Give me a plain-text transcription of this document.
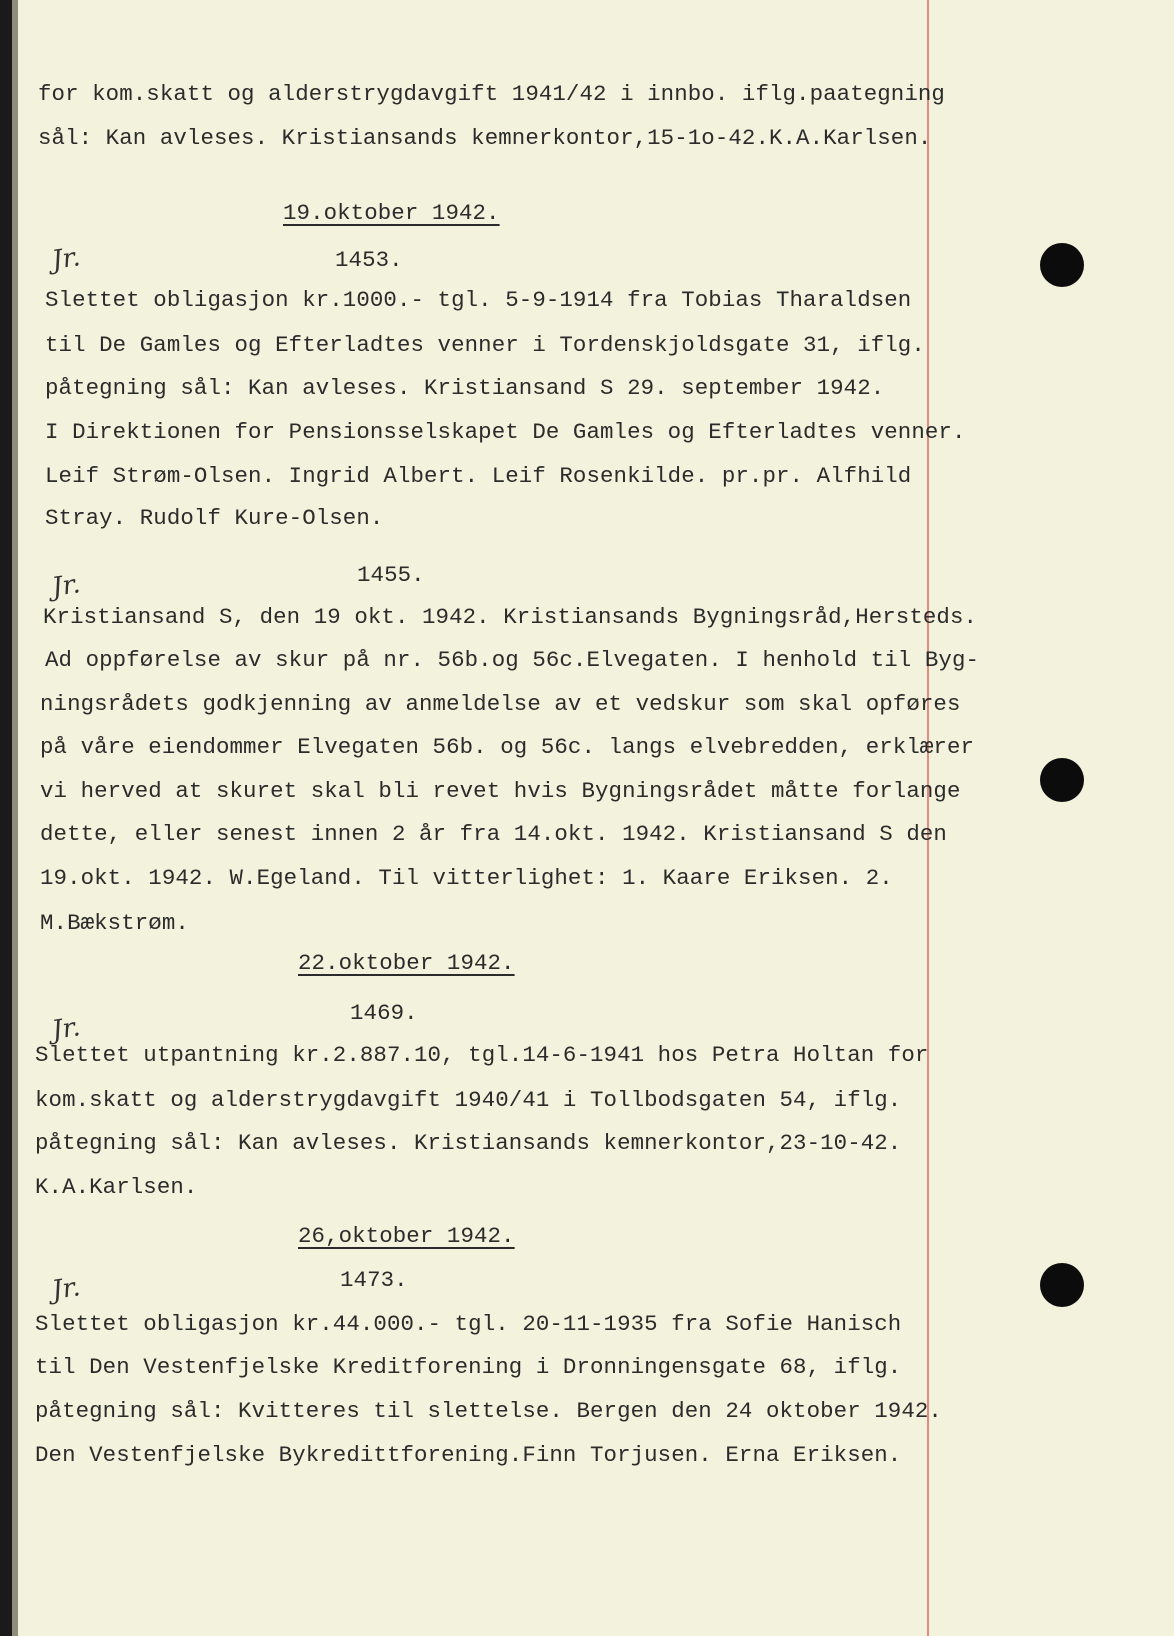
for kom.skatt og alderstrygdavgift 1941/42 i innbo. iflg.paategning
sål: Kan avleses. Kristiansands kemnerkontor,15-1o-42.K.A.Karlsen.
19.oktober 1942.
1453.
Slettet obligasjon kr.1000.- tgl. 5-9-1914 fra Tobias Tharaldsen
til De Gamles og Efterladtes venner i Tordenskjoldsgate 31, iflg.
påtegning sål: Kan avleses. Kristiansand S 29. september 1942.
I Direktionen for Pensionsselskapet De Gamles og Efterladtes venner.
Leif Strøm-Olsen. Ingrid Albert. Leif Rosenkilde. pr.pr. Alfhild
Stray. Rudolf Kure-Olsen.
1455.
Kristiansand S, den 19 okt. 1942. Kristiansands Bygningsråd,Hersteds.
Ad oppførelse av skur på nr. 56b.og 56c.Elvegaten. I henhold til Byg-
ningsrådets godkjenning av anmeldelse av et vedskur som skal opføres
på våre eiendommer Elvegaten 56b. og 56c. langs elvebredden, erklærer
vi herved at skuret skal bli revet hvis Bygningsrådet måtte forlange
dette, eller senest innen 2 år fra 14.okt. 1942. Kristiansand S den
19.okt. 1942. W.Egeland. Til vitterlighet: 1. Kaare Eriksen. 2.
M.Bækstrøm.
22.oktober 1942.
1469.
Slettet utpantning kr.2.887.10, tgl.14-6-1941 hos Petra Holtan for
kom.skatt og alderstrygdavgift 1940/41 i Tollbodsgaten 54, iflg.
påtegning sål: Kan avleses. Kristiansands kemnerkontor,23-10-42.
K.A.Karlsen.
26,oktober 1942.
1473.
Slettet obligasjon kr.44.000.- tgl. 20-11-1935 fra Sofie Hanisch
til Den Vestenfjelske Kreditforening i Dronningensgate 68, iflg.
påtegning sål: Kvitteres til slettelse. Bergen den 24 oktober 1942.
Den Vestenfjelske Bykredittforening.Finn Torjusen. Erna Eriksen.
Jr.
Jr.
Jr.
Jr.
